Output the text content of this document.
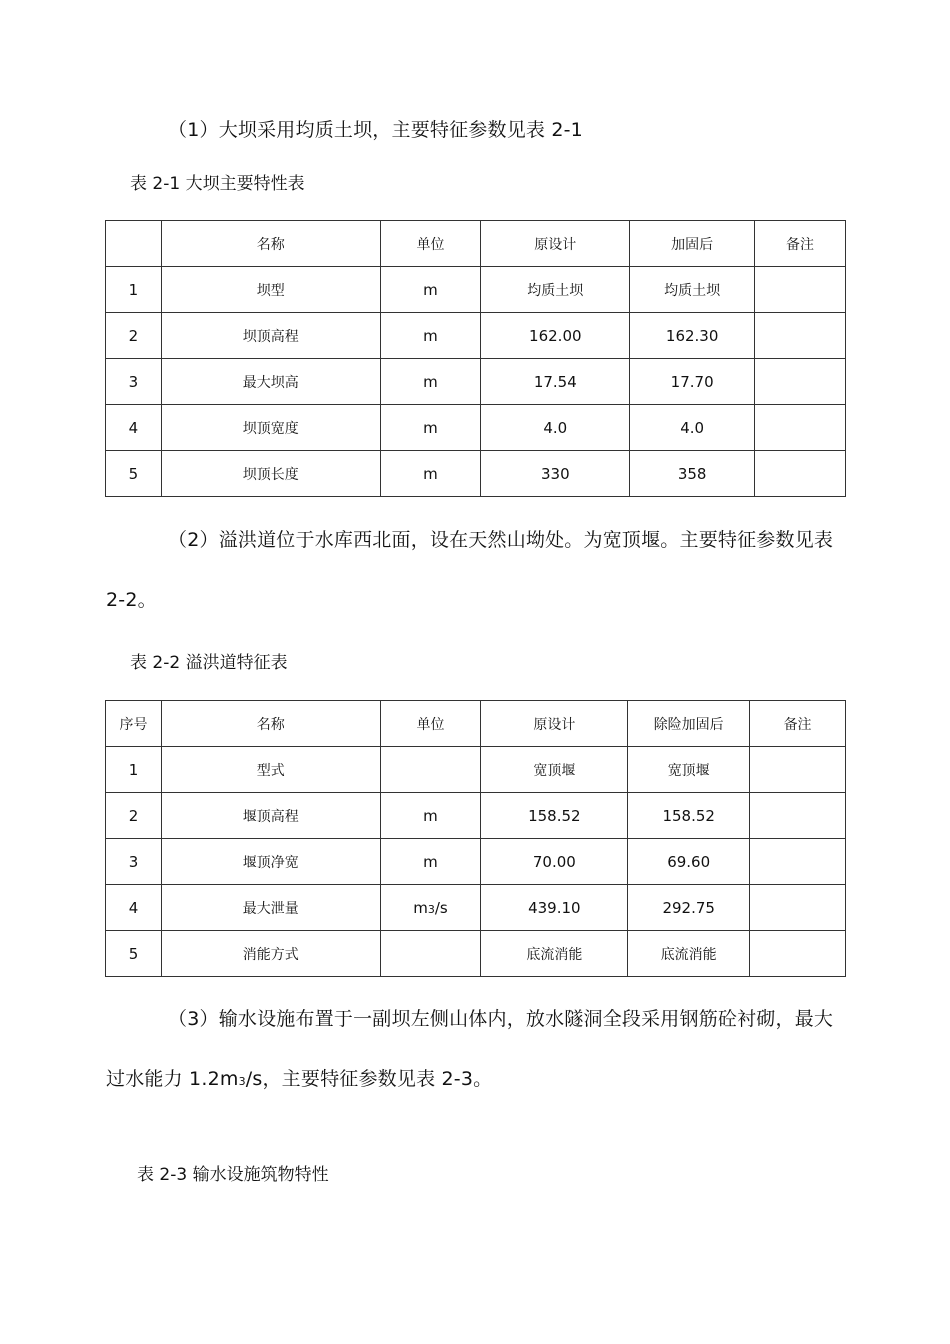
（1）大坝采用均质土坝，主要特征参数见表 2-1

表 2-1 大坝主要特性表

	名称	单位	原设计	加固后	备注
1	坝型	m	均质土坝	均质土坝	
2	坝顶高程	m	162.00	162.30	
3	最大坝高	m	17.54	17.70	
4	坝顶宽度	m	4.0	4.0	
5	坝顶长度	m	330	358	

（2）溢洪道位于水库西北面，设在天然山坳处。为宽顶堰。主要特征参数见表 2-2。

表 2-2 溢洪道特征表

序号	名称	单位	原设计	除险加固后	备注
1	型式		宽顶堰	宽顶堰	
2	堰顶高程	m	158.52	158.52	
3	堰顶净宽	m	70.00	69.60	
4	最大泄量	m3/s	439.10	292.75	
5	消能方式		底流消能	底流消能	

（3）输水设施布置于一副坝左侧山体内，放水隧洞全段采用钢筋砼衬砌，最大过水能力 1.2m3/s，主要特征参数见表 2-3。

表 2-3 输水设施筑物特性
